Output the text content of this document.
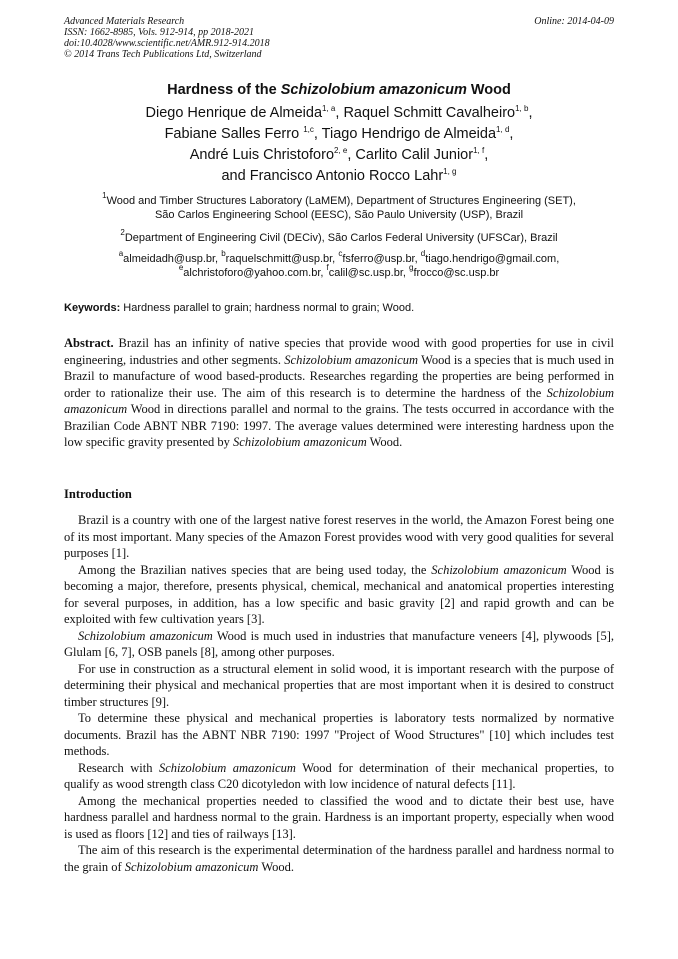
Advanced Materials Research
ISSN: 1662-8985, Vols. 912-914, pp 2018-2021
doi:10.4028/www.scientific.net/AMR.912-914.2018
© 2014 Trans Tech Publications Ltd, Switzerland
Online: 2014-04-09
Hardness of the Schizolobium amazonicum Wood
Diego Henrique de Almeida$^{1, a}$, Raquel Schmitt Cavalheiro$^{1, b}$,
Fabiane Salles Ferro $^{1,c}$, Tiago Hendrigo de Almeida$^{1, d}$,
André Luis Christoforo$^{2, e}$, Carlito Calil Junior$^{1, f}$,
and Francisco Antonio Rocco Lahr$^{1, g}$
$^1$Wood and Timber Structures Laboratory (LaMEM), Department of Structures Engineering (SET),
São Carlos Engineering School (EESC), São Paulo University (USP), Brazil
$^2$Department of Engineering Civil (DECiv), São Carlos Federal University (UFSCar), Brazil
$^a$almeidadh@usp.br, $^b$raquelschmitt@usp.br, $^c$fsferro@usp.br, $^d$tiago.hendrigo@gmail.com,
$^e$alchristoforo@yahoo.com.br, $^f$calil@sc.usp.br, $^g$frocco@sc.usp.br
Keywords: Hardness parallel to grain; hardness normal to grain; Wood.

Abstract. Brazil has an infinity of native species that provide wood with good properties for use in civil engineering, industries and other segments. Schizolobium amazonicum Wood is a species that is much used in Brazil to manufacture of wood based-products. Researches regarding the properties are being performed in order to rationalize their use. The aim of this research is to determine the hardness of the Schizolobium amazonicum Wood in directions parallel and normal to the grains. The tests occurred in accordance with the Brazilian Code ABNT NBR 7190: 1997. The average values determined were interesting hardness upon the low specific gravity presented by Schizolobium amazonicum Wood.

Introduction

Brazil is a country with one of the largest native forest reserves in the world, the Amazon Forest being one of its most important. Many species of the Amazon Forest provides wood with very good qualities for several purposes [1].

Among the Brazilian natives species that are being used today, the Schizolobium amazonicum Wood is becoming a major, therefore, presents physical, chemical, mechanical and anatomical properties interesting for several purposes, in addition, has a low specific and basic gravity [2] and rapid growth and can be exploited with few cultivation years [3].

Schizolobium amazonicum Wood is much used in industries that manufacture veneers [4], plywoods [5], Glulam [6, 7], OSB panels [8], among other purposes.

For use in construction as a structural element in solid wood, it is important research with the purpose of determining their physical and mechanical properties that are most important when it is desired to construct timber structures [9].

To determine these physical and mechanical properties is laboratory tests normalized by normative documents. Brazil has the ABNT NBR 7190: 1997 "Project of Wood Structures" [10] which includes test methods.

Research with Schizolobium amazonicum Wood for determination of their mechanical properties, to qualify as wood strength class C20 dicotyledon with low incidence of natural defects [11].

Among the mechanical properties needed to classified the wood and to dictate their best use, have hardness parallel and hardness normal to the grain. Hardness is an important property, especially when wood is used as floors [12] and ties of railways [13].

The aim of this research is the experimental determination of the hardness parallel and hardness normal to the grain of Schizolobium amazonicum Wood.
